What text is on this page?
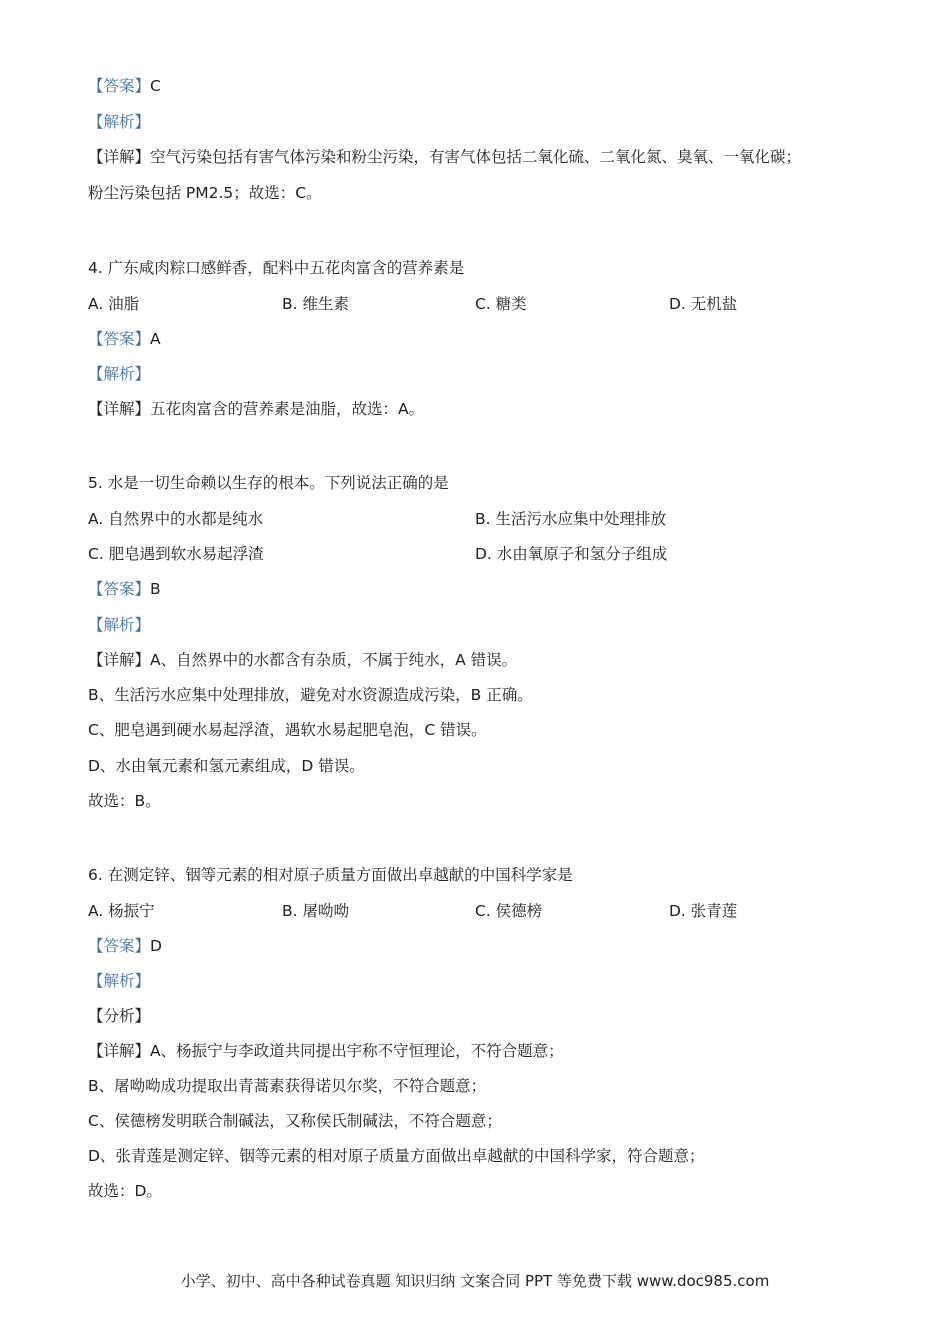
【答案】C
【解析】
【详解】空气污染包括有害气体污染和粉尘污染，有害气体包括二氧化硫、二氧化氮、臭氧、一氧化碳；
粉尘污染包括 PM2.5；故选：C。
4. 广东咸肉粽口感鲜香，配料中五花肉富含的营养素是
A. 油脂	B. 维生素	C. 糖类	D. 无机盐
【答案】A
【解析】
【详解】五花肉富含的营养素是油脂，故选：A。
5. 水是一切生命赖以生存的根本。下列说法正确的是
A. 自然界中的水都是纯水	B. 生活污水应集中处理排放
C. 肥皂遇到软水易起浮渣	D. 水由氧原子和氢分子组成
【答案】B
【解析】
【详解】A、自然界中的水都含有杂质，不属于纯水，A 错误。
B、生活污水应集中处理排放，避免对水资源造成污染，B 正确。
C、肥皂遇到硬水易起浮渣，遇软水易起肥皂泡，C 错误。
D、水由氧元素和氢元素组成，D 错误。
故选：B。
6. 在测定锌、铟等元素的相对原子质量方面做出卓越献的中国科学家是
A. 杨振宁	B. 屠呦呦	C. 侯德榜	D. 张青莲
【答案】D
【解析】
【分析】
【详解】A、杨振宁与李政道共同提出宇称不守恒理论，不符合题意；
B、屠呦呦成功提取出青蒿素获得诺贝尔奖，不符合题意；
C、侯德榜发明联合制碱法，又称侯氏制碱法，不符合题意；
D、张青莲是测定锌、铟等元素的相对原子质量方面做出卓越献的中国科学家，符合题意；
故选：D。
小学、初中、高中各种试卷真题 知识归纳 文案合同 PPT 等免费下载 www.doc985.com
